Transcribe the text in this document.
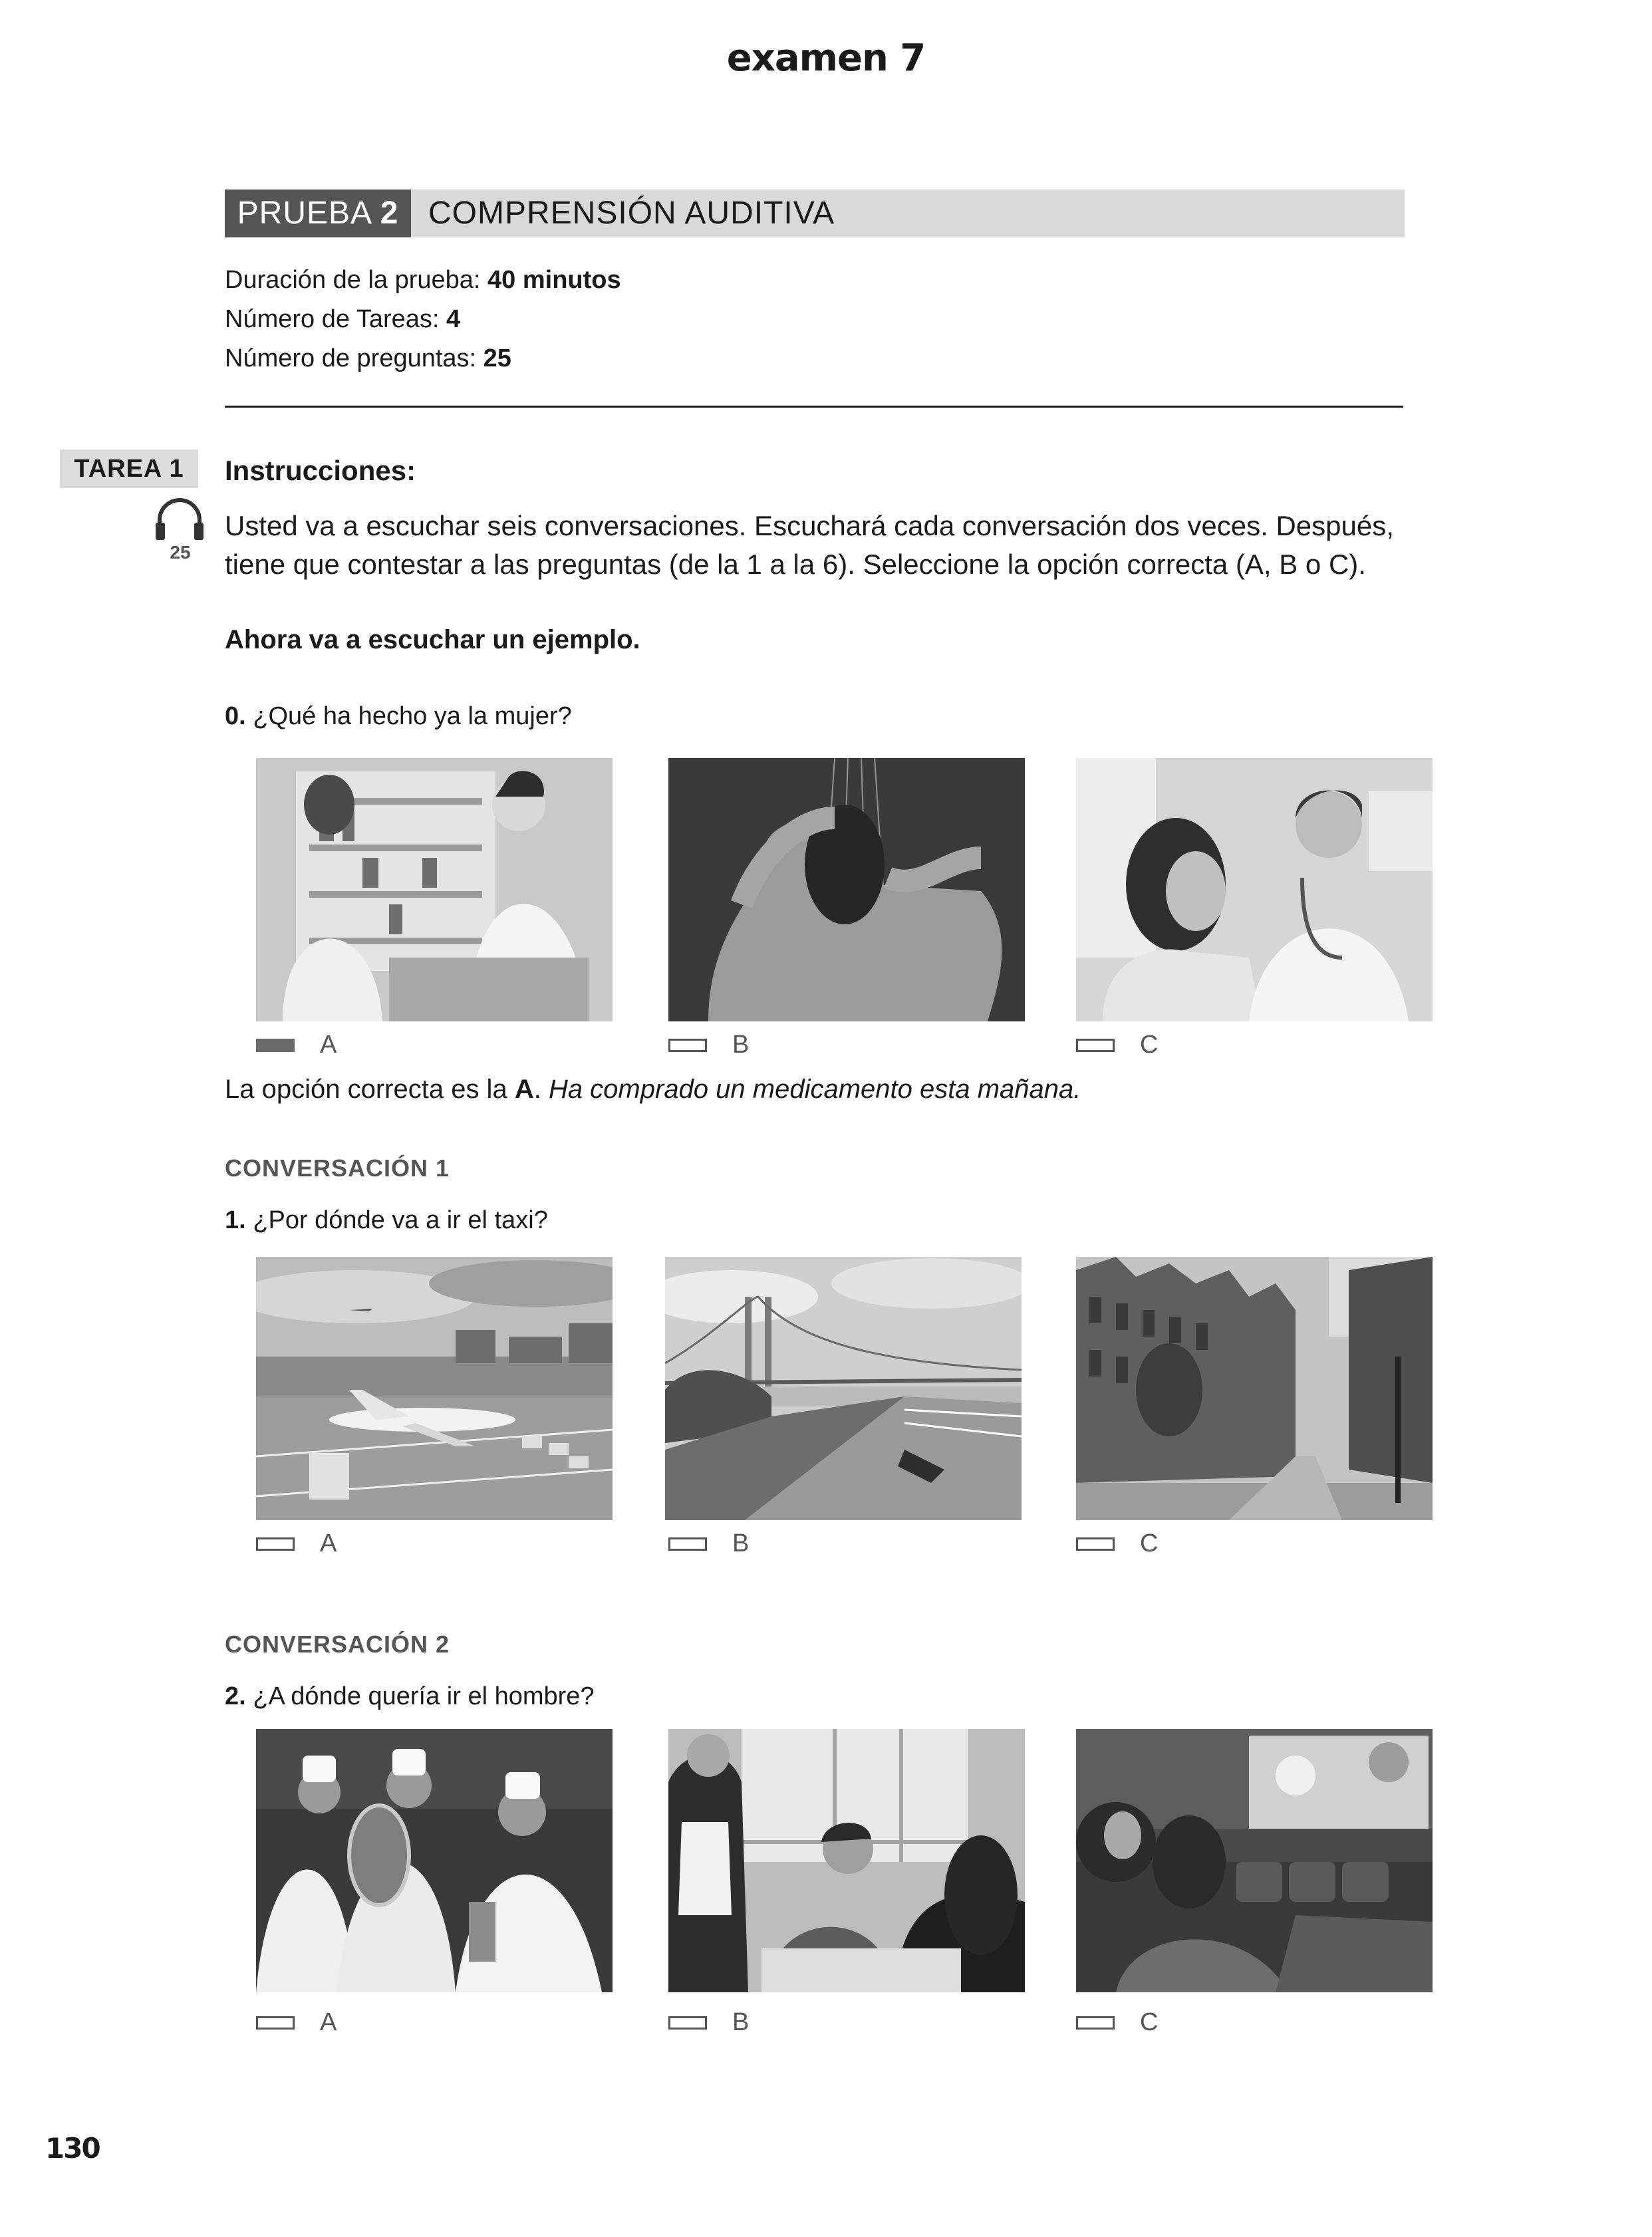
examen 7
PRUEBA 2 COMPRENSIÓN AUDITIVA
Duración de la prueba: 40 minutos
Número de Tareas: 4
Número de preguntas: 25
TAREA 1
25
Instrucciones:
Usted va a escuchar seis conversaciones. Escuchará cada conversación dos veces. Después,
tiene que contestar a las preguntas (de la 1 a la 6). Seleccione la opción correcta (A, B o C).
Ahora va a escuchar un ejemplo.
0. ¿Qué ha hecho ya la mujer?
A	B	C
La opción correcta es la A. Ha comprado un medicamento esta mañana.
CONVERSACIÓN 1
1. ¿Por dónde va a ir el taxi?
A	B	C
CONVERSACIÓN 2
2. ¿A dónde quería ir el hombre?
A	B	C
130
